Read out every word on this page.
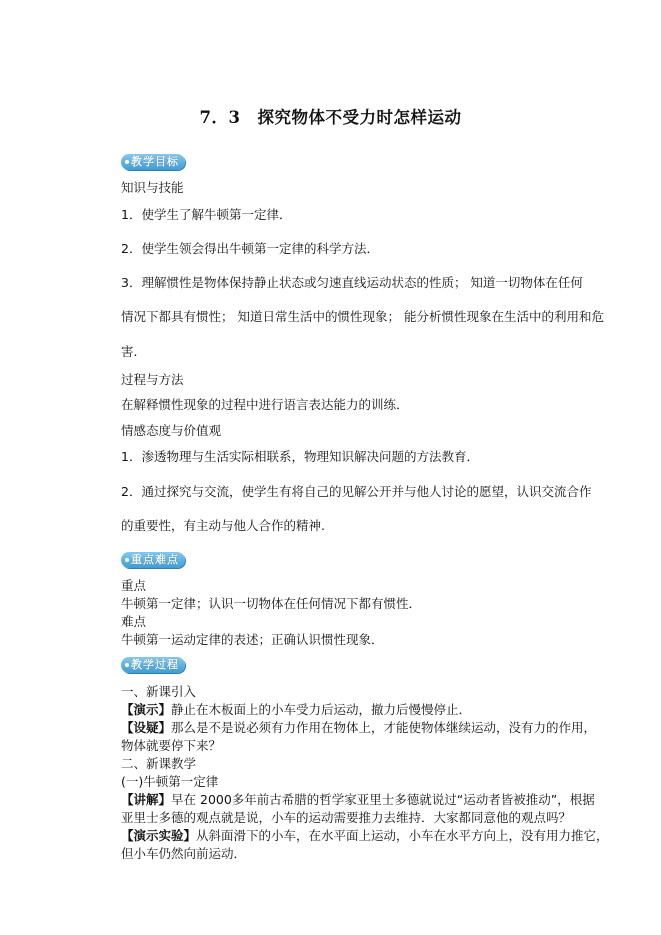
7．3　探究物体不受力时怎样运动
教学目标
知识与技能
1．使学生了解牛顿第一定律．
2．使学生领会得出牛顿第一定律的科学方法．
3．理解惯性是物体保持静止状态或匀速直线运动状态的性质； 知道一切物体在任何
情况下都具有惯性； 知道日常生活中的惯性现象； 能分析惯性现象在生活中的利用和危
害.
过程与方法
在解释惯性现象的过程中进行语言表达能力的训练．
情感态度与价值观
1．渗透物理与生活实际相联系，物理知识解决问题的方法教育．
2．通过探究与交流，使学生有将自己的见解公开并与他人讨论的愿望，认识交流合作
的重要性，有主动与他人合作的精神.
重点难点
重点
牛顿第一定律；认识一切物体在任何情况下都有惯性．
难点
牛顿第一运动定律的表述；正确认识惯性现象．
教学过程
一、新课引入
【演示】静止在木板面上的小车受力后运动，撤力后慢慢停止．
【设疑】那么是不是说必须有力作用在物体上，才能使物体继续运动，没有力的作用，
物体就要停下来？
二、新课教学
(一)牛顿第一定律
【讲解】早在 2000多年前古希腊的哲学家亚里士多德就说过“运动者皆被推动”，根据
亚里士多德的观点就是说，小车的运动需要推力去维持．大家都同意他的观点吗？
【演示实验】从斜面滑下的小车，在水平面上运动，小车在水平方向上，没有用力推它，
但小车仍然向前运动．
